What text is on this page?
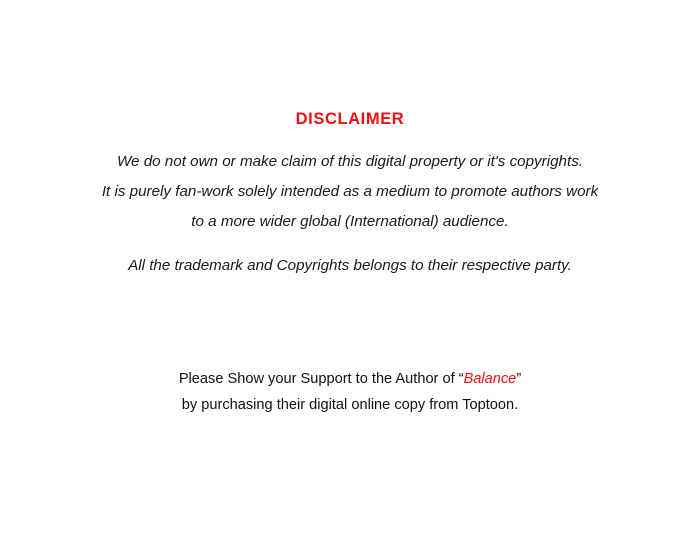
DISCLAIMER
We do not own or make claim of this digital property or it's copyrights.
It is purely fan-work solely intended as a medium to promote authors work
to a more wider global (International) audience.
All the trademark and Copyrights belongs to their respective party.
Please Show your Support to the Author of “Balance”
by purchasing their digital online copy from Toptoon.
